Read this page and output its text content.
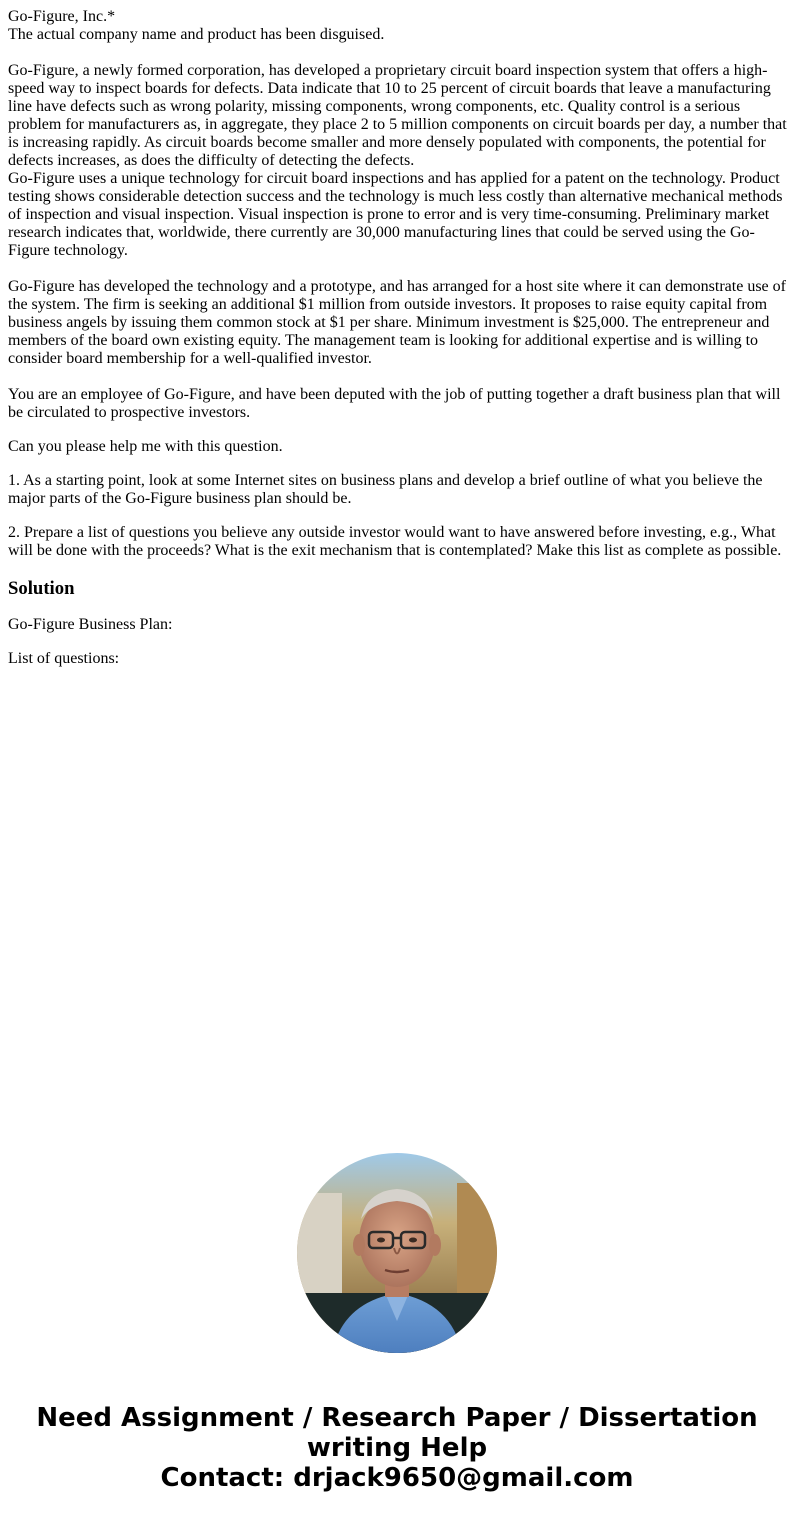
Go-Figure, Inc.*
The actual company name and product has been disguised.

Go-Figure, a newly formed corporation, has developed a proprietary circuit board inspection system that offers a high-speed way to inspect boards for defects. Data indicate that 10 to 25 percent of circuit boards that leave a manufacturing line have defects such as wrong polarity, missing components, wrong components, etc. Quality control is a serious problem for manufacturers as, in aggregate, they place 2 to 5 million components on circuit boards per day, a number that is increasing rapidly. As circuit boards become smaller and more densely populated with components, the potential for defects increases, as does the difficulty of detecting the defects.

Go-Figure uses a unique technology for circuit board inspections and has applied for a patent on the technology. Product testing shows considerable detection success and the technology is much less costly than alternative mechanical methods of inspection and visual inspection. Visual inspection is prone to error and is very time-consuming. Preliminary market research indicates that, worldwide, there currently are 30,000 manufacturing lines that could be served using the Go-Figure technology.

Go-Figure has developed the technology and a prototype, and has arranged for a host site where it can demonstrate use of the system. The firm is seeking an additional $1 million from outside investors. It proposes to raise equity capital from business angels by issuing them common stock at $1 per share. Minimum investment is $25,000. The entrepreneur and members of the board own existing equity. The management team is looking for additional expertise and is willing to consider board membership for a well-qualified investor.

You are an employee of Go-Figure, and have been deputed with the job of putting together a draft business plan that will be circulated to prospective investors.

Can you please help me with this question.

1. As a starting point, look at some Internet sites on business plans and develop a brief outline of what you believe the major parts of the Go-Figure business plan should be.

2. Prepare a list of questions you believe any outside investor would want to have answered before investing, e.g., What will be done with the proceeds? What is the exit mechanism that is contemplated? Make this list as complete as possible.

Solution

Go-Figure Business Plan:

List of questions:

Need Assignment / Research Paper / Dissertation
writing Help
Contact: drjack9650@gmail.com
